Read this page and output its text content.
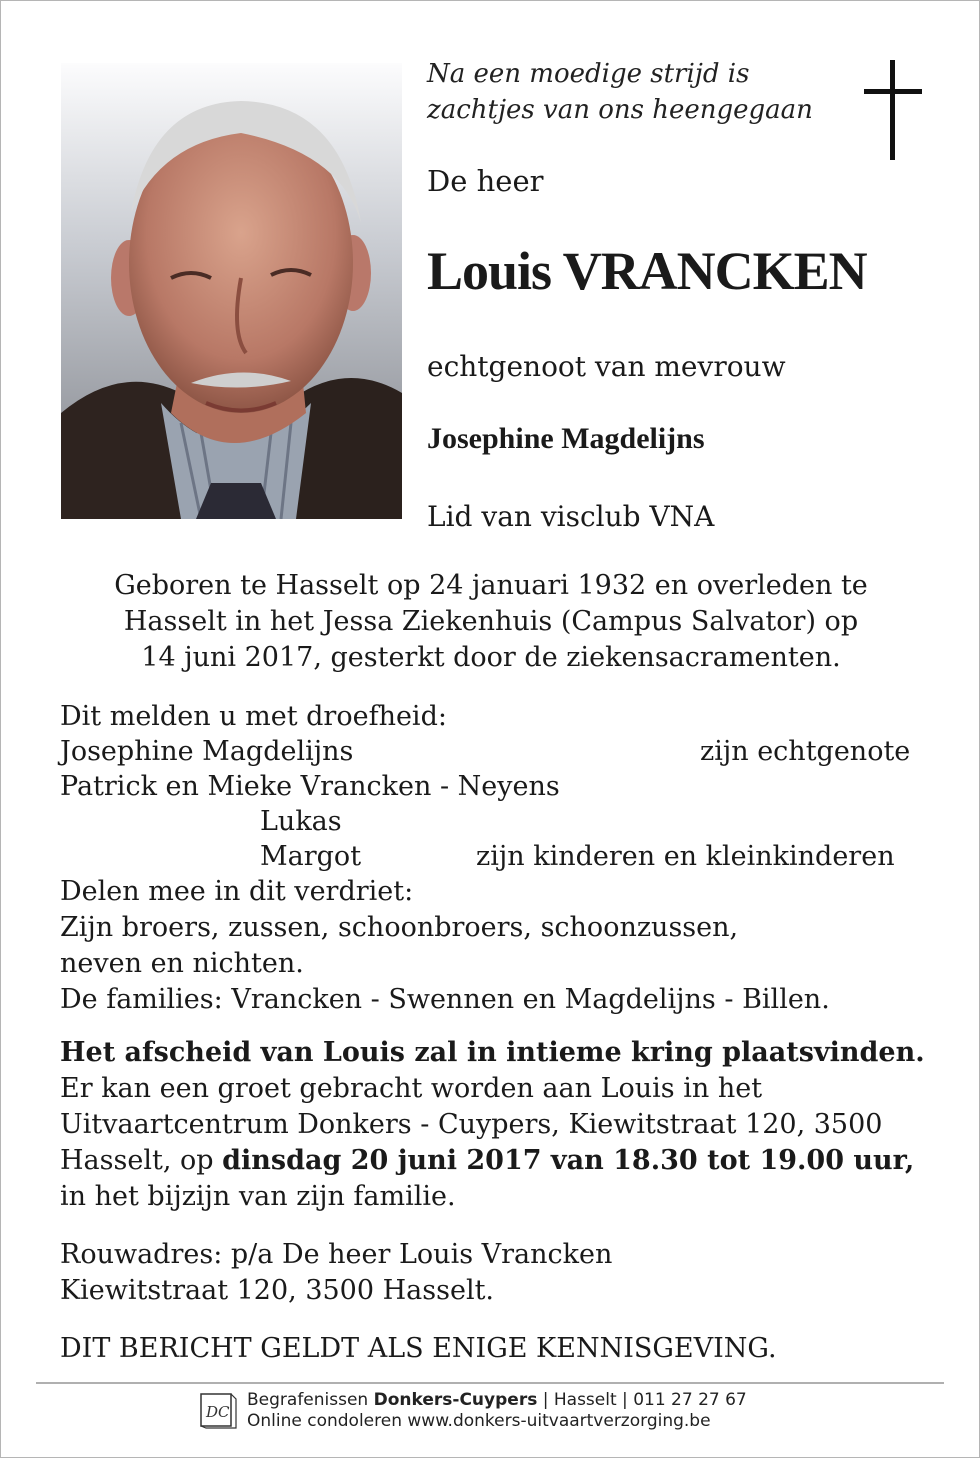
Na een moedige strijd is
zachtjes van ons heengegaan
De heer
Louis VRANCKEN
echtgenoot van mevrouw
Josephine Magdelijns
Lid van visclub VNA
Geboren te Hasselt op 24 januari 1932 en overleden te
Hasselt in het Jessa Ziekenhuis (Campus Salvator) op
14 juni 2017, gesterkt door de ziekensacramenten.
Dit melden u met droefheid:
Josephine Magdelijns	zijn echtgenote
Patrick en Mieke Vrancken - Neyens
Lukas
Margot	zijn kinderen en kleinkinderen
Delen mee in dit verdriet:
Zijn broers, zussen, schoonbroers, schoonzussen,
neven en nichten.
De families: Vrancken - Swennen en Magdelijns - Billen.
Het afscheid van Louis zal in intieme kring plaatsvinden.
Er kan een groet gebracht worden aan Louis in het
Uitvaartcentrum Donkers - Cuypers, Kiewitstraat 120, 3500
Hasselt, op dinsdag 20 juni 2017 van 18.30 tot 19.00 uur,
in het bijzijn van zijn familie.
Rouwadres: p/a De heer Louis Vrancken
Kiewitstraat 120, 3500 Hasselt.
DIT BERICHT GELDT ALS ENIGE KENNISGEVING.
DC
Begrafenissen Donkers-Cuypers | Hasselt | 011 27 27 67
Online condoleren www.donkers-uitvaartverzorging.be
